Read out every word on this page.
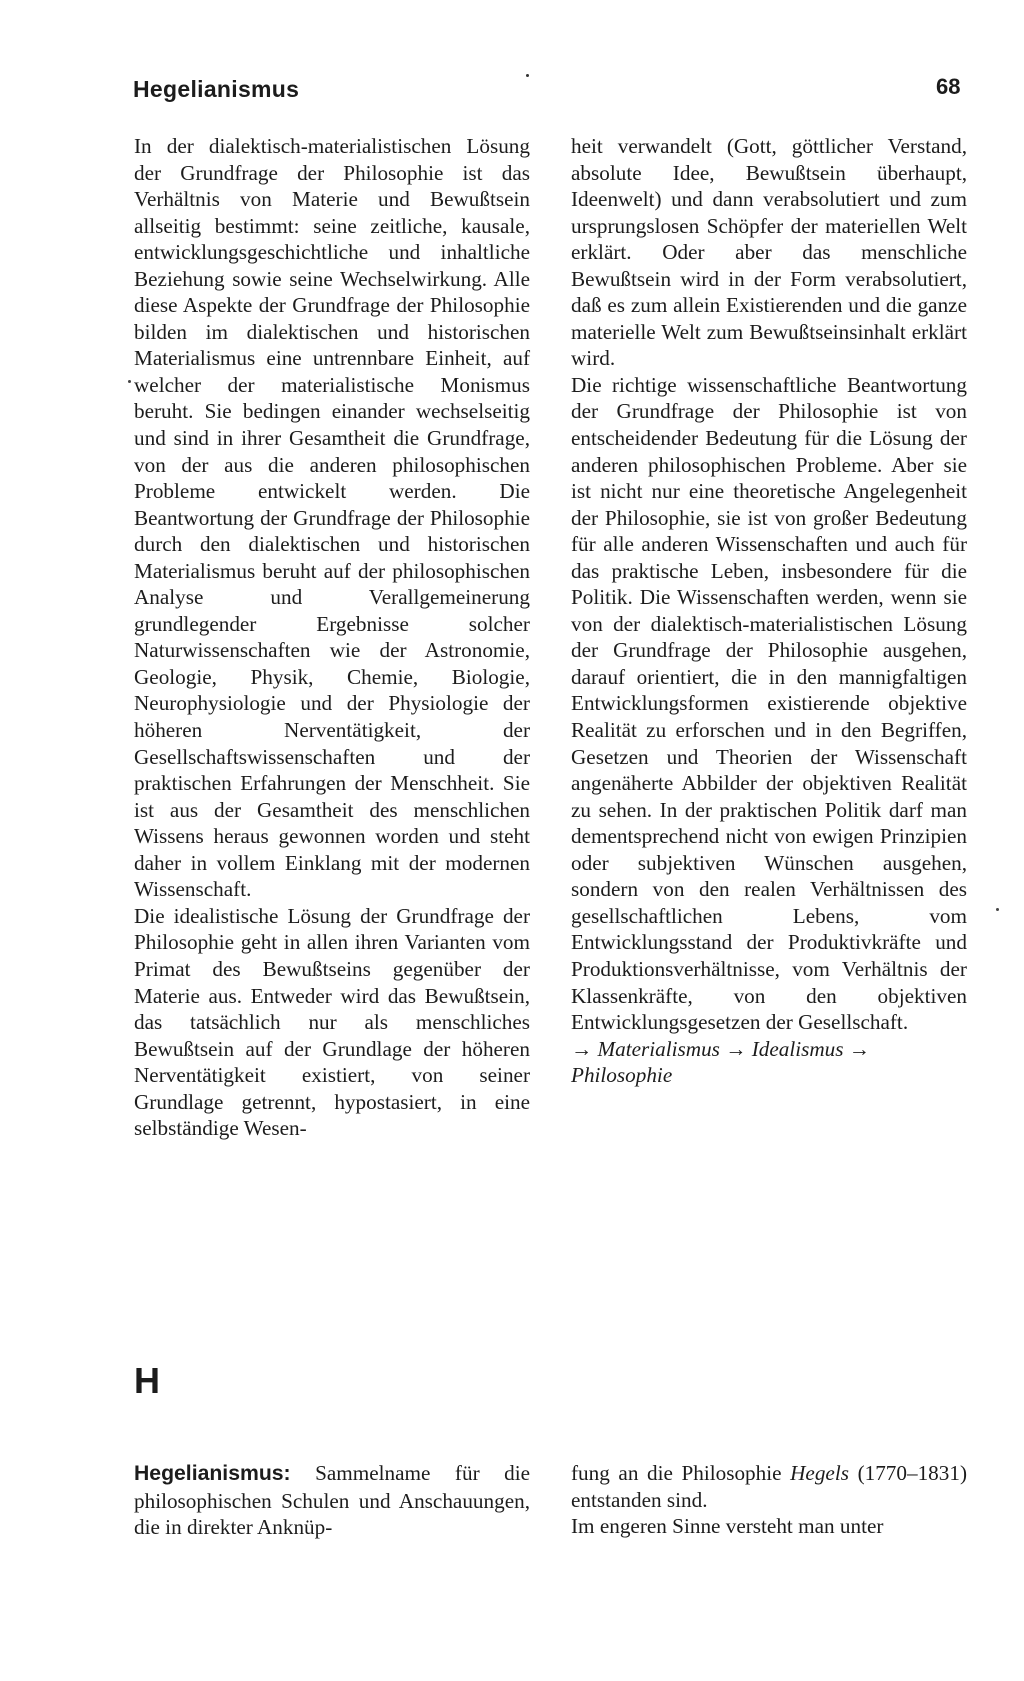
Hegelianismus	68

In der dialektisch-materialistischen Lösung der Grundfrage der Philosophie ist das Verhältnis von Materie und Bewußtsein allseitig bestimmt: seine zeitliche, kausale, entwicklungsgeschichtliche und inhaltliche Beziehung sowie seine Wechselwirkung. Alle diese Aspekte der Grundfrage der Philosophie bilden im dialektischen und historischen Materialismus eine untrennbare Einheit, auf welcher der materialistische Monismus beruht. Sie bedingen einander wechselseitig und sind in ihrer Gesamtheit die Grundfrage, von der aus die anderen philosophischen Probleme entwickelt werden. Die Beantwortung der Grundfrage der Philosophie durch den dialektischen und historischen Materialismus beruht auf der philosophischen Analyse und Verallgemeinerung grundlegender Ergebnisse solcher Naturwissenschaften wie der Astronomie, Geologie, Physik, Chemie, Biologie, Neurophysiologie und der Physiologie der höheren Nerventätigkeit, der Gesellschaftswissenschaften und der praktischen Erfahrungen der Menschheit. Sie ist aus der Gesamtheit des menschlichen Wissens heraus gewonnen worden und steht daher in vollem Einklang mit der modernen Wissenschaft.

Die idealistische Lösung der Grundfrage der Philosophie geht in allen ihren Varianten vom Primat des Bewußtseins gegenüber der Materie aus. Entweder wird das Bewußtsein, das tatsächlich nur als menschliches Bewußtsein auf der Grundlage der höheren Nerventätigkeit existiert, von seiner Grundlage getrennt, hypostasiert, in eine selbständige Wesen-

heit verwandelt (Gott, göttlicher Verstand, absolute Idee, Bewußtsein überhaupt, Ideenwelt) und dann verabsolutiert und zum ursprungslosen Schöpfer der materiellen Welt erklärt. Oder aber das menschliche Bewußtsein wird in der Form verabsolutiert, daß es zum allein Existierenden und die ganze materielle Welt zum Bewußtseinsinhalt erklärt wird.

Die richtige wissenschaftliche Beantwortung der Grundfrage der Philosophie ist von entscheidender Bedeutung für die Lösung der anderen philosophischen Probleme. Aber sie ist nicht nur eine theoretische Angelegenheit der Philosophie, sie ist von großer Bedeutung für alle anderen Wissenschaften und auch für das praktische Leben, insbesondere für die Politik. Die Wissenschaften werden, wenn sie von der dialektisch-materialistischen Lösung der Grundfrage der Philosophie ausgehen, darauf orientiert, die in den mannigfaltigen Entwicklungsformen existierende objektive Realität zu erforschen und in den Begriffen, Gesetzen und Theorien der Wissenschaft angenäherte Abbilder der objektiven Realität zu sehen. In der praktischen Politik darf man dementsprechend nicht von ewigen Prinzipien oder subjektiven Wünschen ausgehen, sondern von den realen Verhältnissen des gesellschaftlichen Lebens, vom Entwicklungsstand der Produktivkräfte und Produktionsverhältnisse, vom Verhältnis der Klassenkräfte, von den objektiven Entwicklungsgesetzen der Gesellschaft.

→ Materialismus → Idealismus → Philosophie

H

Hegelianismus: Sammelname für die philosophischen Schulen und Anschauungen, die in direkter Anknüp-

fung an die Philosophie Hegels (1770–1831) entstanden sind.

Im engeren Sinne versteht man unter
